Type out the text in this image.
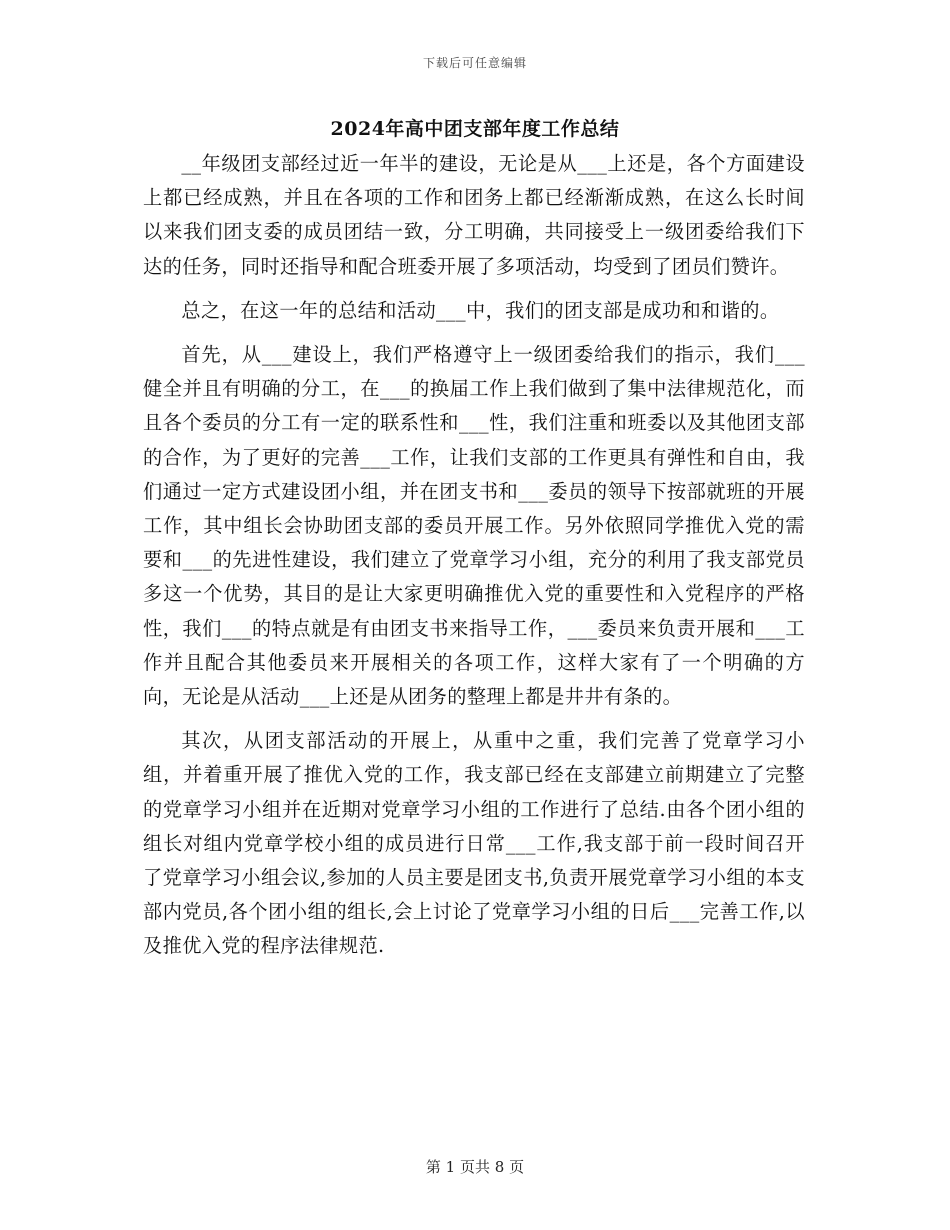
下载后可任意编辑
2024年高中团支部年度工作总结

__年级团支部经过近一年半的建设，无论是从___上还是，各个方面建设上都已经成熟，并且在各项的工作和团务上都已经渐渐成熟，在这么长时间以来我们团支委的成员团结一致，分工明确，共同接受上一级团委给我们下达的任务，同时还指导和配合班委开展了多项活动，均受到了团员们赞许。

总之，在这一年的总结和活动___中，我们的团支部是成功和和谐的。

首先，从___建设上，我们严格遵守上一级团委给我们的指示，我们___健全并且有明确的分工，在___的换届工作上我们做到了集中法律规范化，而且各个委员的分工有一定的联系性和___性，我们注重和班委以及其他团支部的合作，为了更好的完善___工作，让我们支部的工作更具有弹性和自由，我们通过一定方式建设团小组，并在团支书和___委员的领导下按部就班的开展工作，其中组长会协助团支部的委员开展工作。另外依照同学推优入党的需要和___的先进性建设，我们建立了党章学习小组，充分的利用了我支部党员多这一个优势，其目的是让大家更明确推优入党的重要性和入党程序的严格性，我们___的特点就是有由团支书来指导工作，___委员来负责开展和___工作并且配合其他委员来开展相关的各项工作，这样大家有了一个明确的方向，无论是从活动___上还是从团务的整理上都是井井有条的。

其次，从团支部活动的开展上，从重中之重，我们完善了党章学习小组，并着重开展了推优入党的工作，我支部已经在支部建立前期建立了完整的党章学习小组并在近期对党章学习小组的工作进行了总结.由各个团小组的组长对组内党章学校小组的成员进行日常___工作,我支部于前一段时间召开了党章学习小组会议,参加的人员主要是团支书,负责开展党章学习小组的本支部内党员,各个团小组的组长,会上讨论了党章学习小组的日后___完善工作,以及推优入党的程序法律规范.

第 1 页共 8 页
